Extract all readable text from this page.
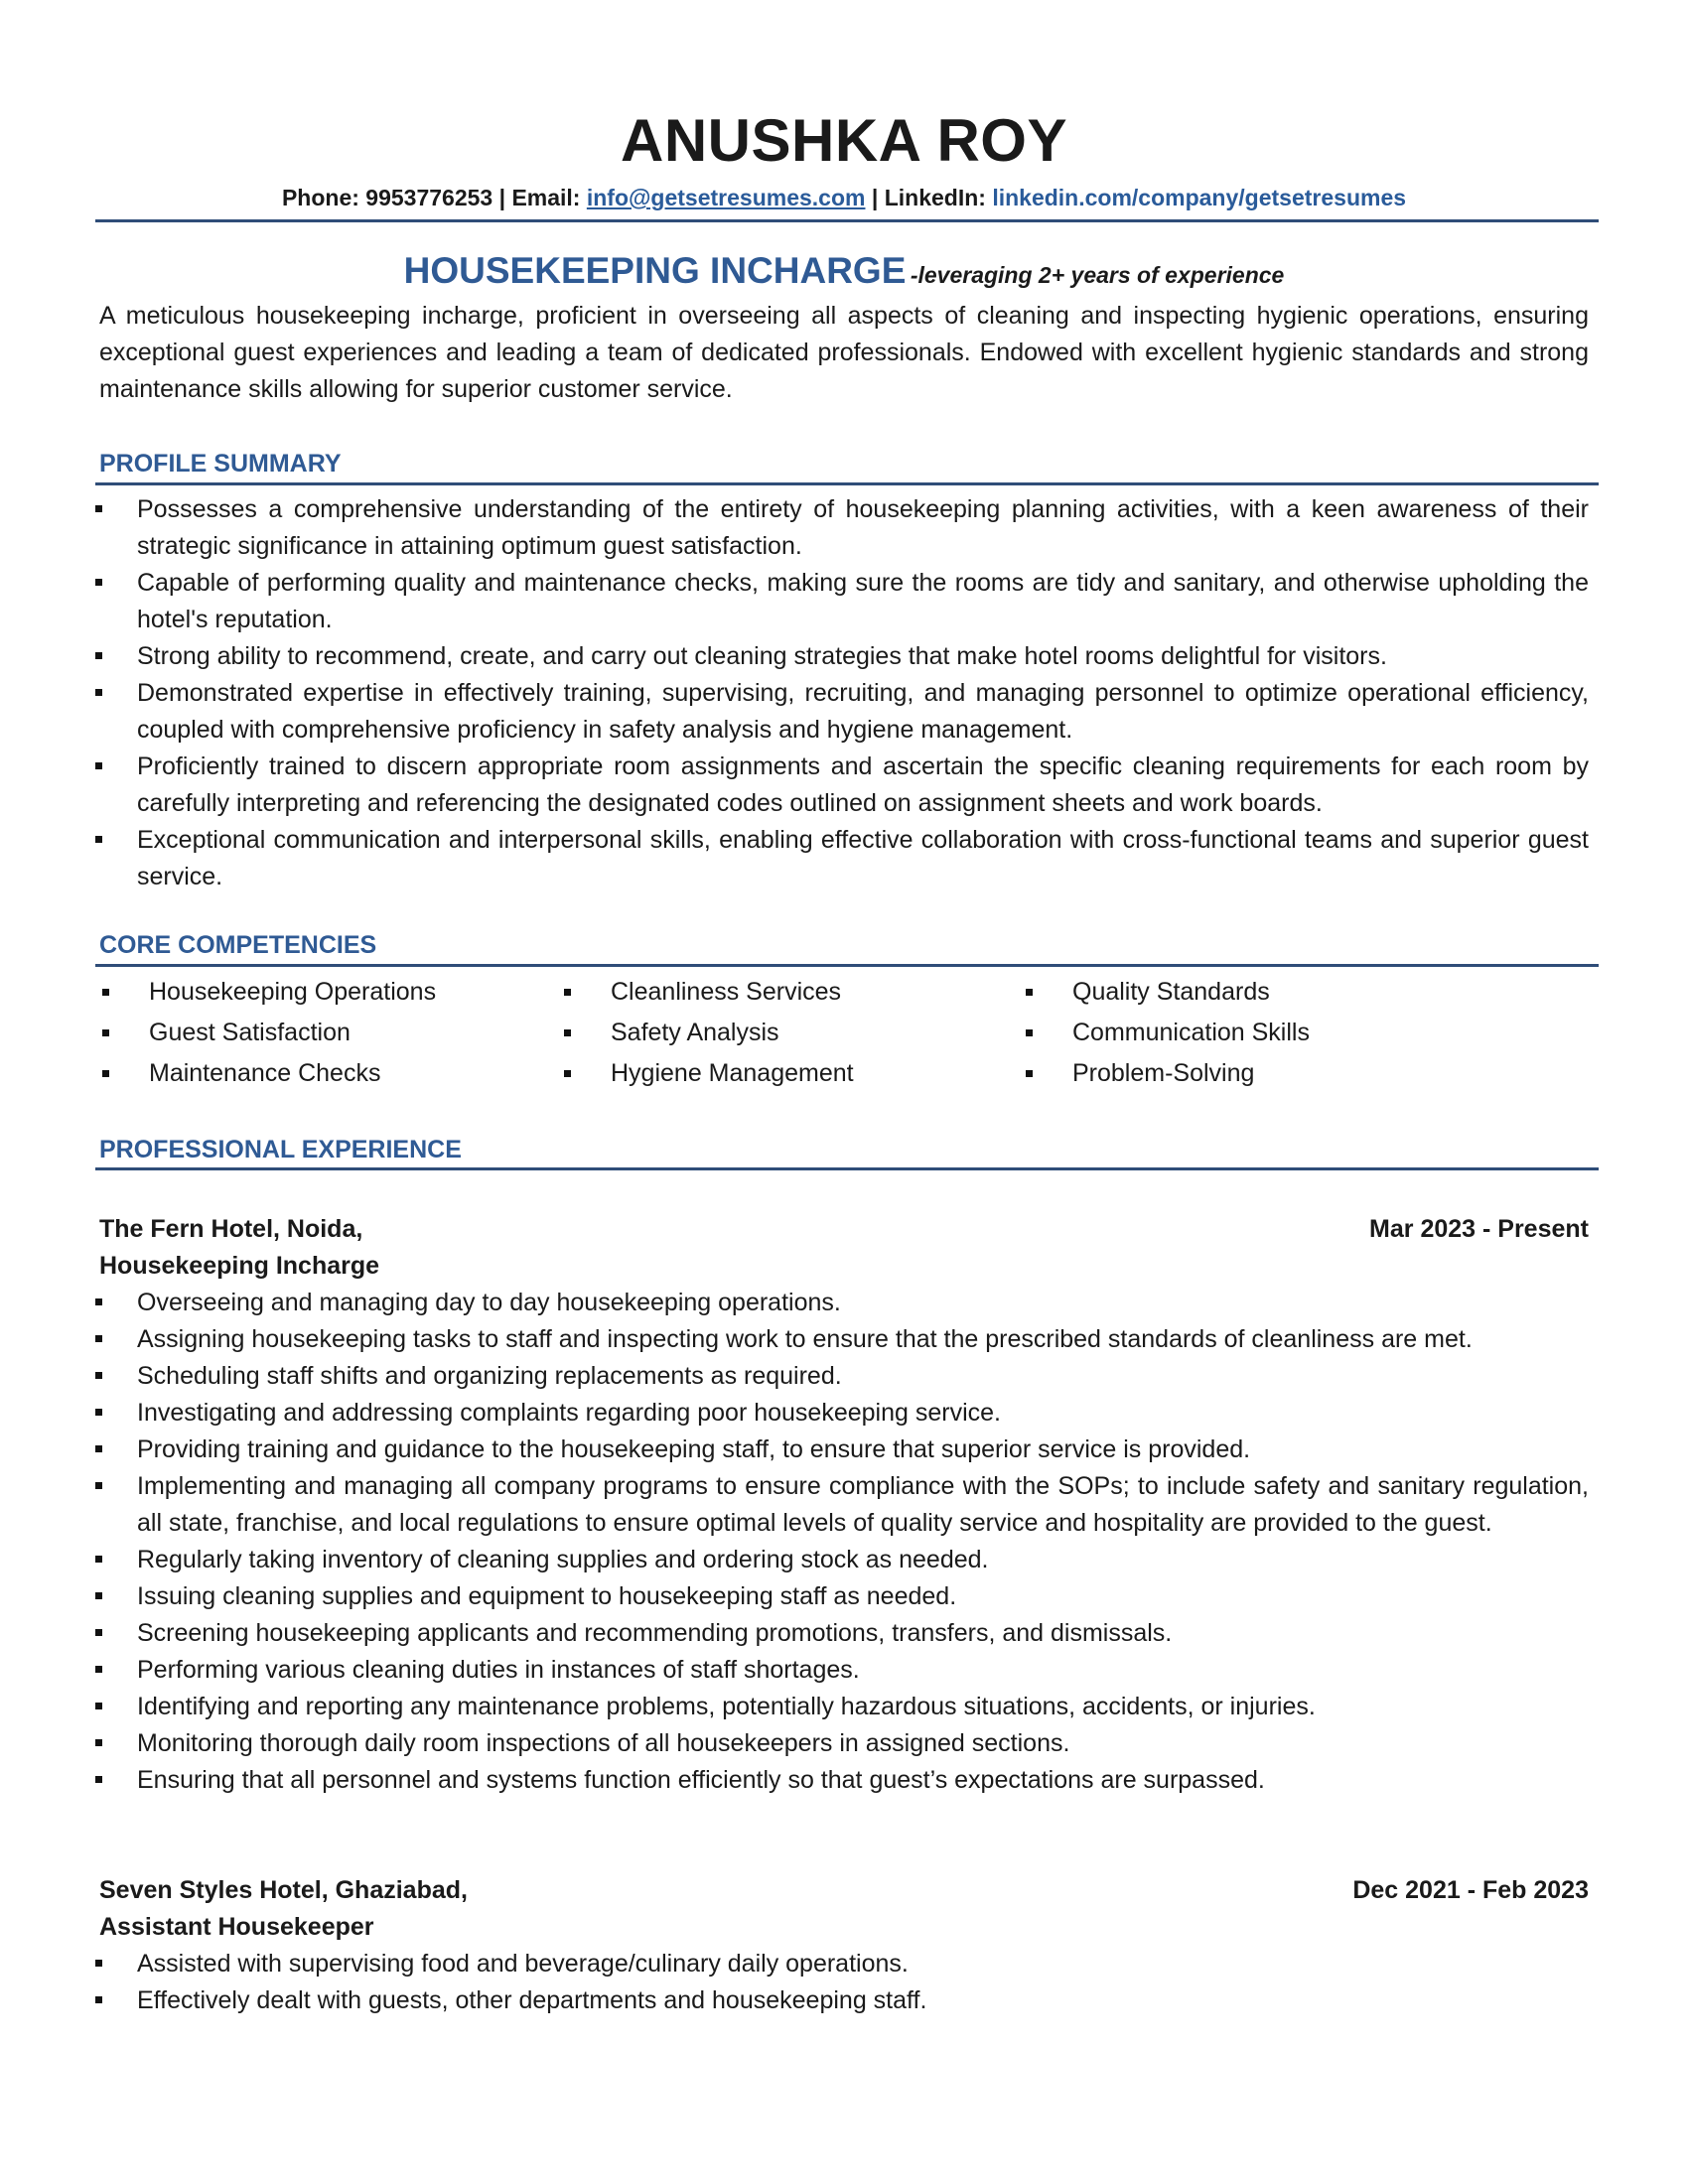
ANUSHKA ROY
Phone: 9953776253 | Email: info@getsetresumes.com | LinkedIn: linkedin.com/company/getsetresumes
HOUSEKEEPING INCHARGE -leveraging 2+ years of experience

A meticulous housekeeping incharge, proficient in overseeing all aspects of cleaning and inspecting hygienic operations, ensuring exceptional guest experiences and leading a team of dedicated professionals. Endowed with excellent hygienic standards and strong maintenance skills allowing for superior customer service.

PROFILE SUMMARY
Possesses a comprehensive understanding of the entirety of housekeeping planning activities, with a keen awareness of their strategic significance in attaining optimum guest satisfaction.
Capable of performing quality and maintenance checks, making sure the rooms are tidy and sanitary, and otherwise upholding the hotel's reputation.
Strong ability to recommend, create, and carry out cleaning strategies that make hotel rooms delightful for visitors.
Demonstrated expertise in effectively training, supervising, recruiting, and managing personnel to optimize operational efficiency, coupled with comprehensive proficiency in safety analysis and hygiene management.
Proficiently trained to discern appropriate room assignments and ascertain the specific cleaning requirements for each room by carefully interpreting and referencing the designated codes outlined on assignment sheets and work boards.
Exceptional communication and interpersonal skills, enabling effective collaboration with cross-functional teams and superior guest service.
CORE COMPETENCIES
Housekeeping Operations	Cleanliness Services	Quality Standards
Guest Satisfaction	Safety Analysis	Communication Skills
Maintenance Checks	Hygiene Management	Problem-Solving
PROFESSIONAL EXPERIENCE
The Fern Hotel, Noida,	Mar 2023 - Present
Housekeeping Incharge
Overseeing and managing day to day housekeeping operations.
Assigning housekeeping tasks to staff and inspecting work to ensure that the prescribed standards of cleanliness are met.
Scheduling staff shifts and organizing replacements as required.
Investigating and addressing complaints regarding poor housekeeping service.
Providing training and guidance to the housekeeping staff, to ensure that superior service is provided.
Implementing and managing all company programs to ensure compliance with the SOPs; to include safety and sanitary regulation, all state, franchise, and local regulations to ensure optimal levels of quality service and hospitality are provided to the guest.
Regularly taking inventory of cleaning supplies and ordering stock as needed.
Issuing cleaning supplies and equipment to housekeeping staff as needed.
Screening housekeeping applicants and recommending promotions, transfers, and dismissals.
Performing various cleaning duties in instances of staff shortages.
Identifying and reporting any maintenance problems, potentially hazardous situations, accidents, or injuries.
Monitoring thorough daily room inspections of all housekeepers in assigned sections.
Ensuring that all personnel and systems function efficiently so that guest’s expectations are surpassed.
Seven Styles Hotel, Ghaziabad,	Dec 2021 - Feb 2023
Assistant Housekeeper
Assisted with supervising food and beverage/culinary daily operations.
Effectively dealt with guests, other departments and housekeeping staff.
